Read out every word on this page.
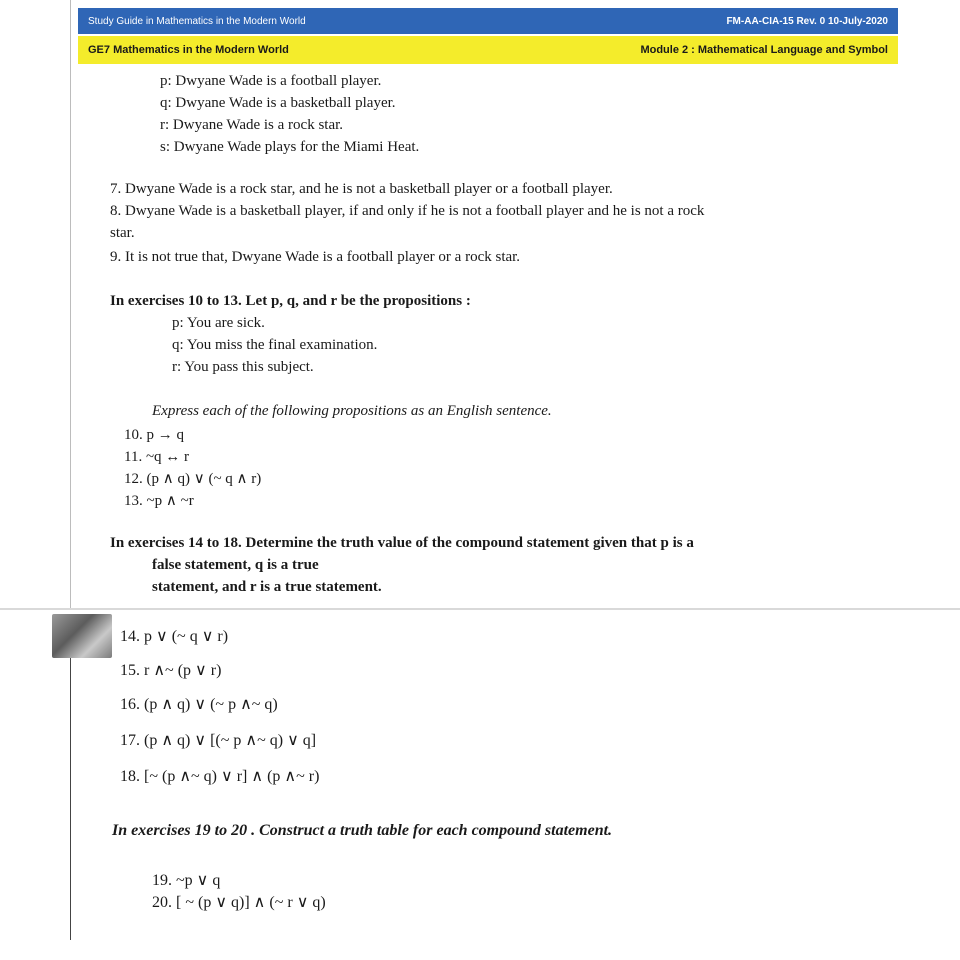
Study Guide in Mathematics in the Modern World	FM-AA-CIA-15 Rev. 0 10-July-2020
GE7 Mathematics in the Modern World	Module 2 : Mathematical Language and Symbol
p: Dwyane Wade is a football player.
q: Dwyane Wade is a basketball player.
r: Dwyane Wade is a rock star.
s: Dwyane Wade plays for the Miami Heat.
7. Dwyane Wade is a rock star, and he is not a basketball player or a football player.
8. Dwyane Wade is a basketball player, if and only if he is not a football player and he is not a rock
star.
9. It is not true that, Dwyane Wade is a football player or a rock star.
In exercises 10 to 13. Let p, q, and r be the propositions :
p: You are sick.
q: You miss the final examination.
r: You pass this subject.
Express each of the following propositions as an English sentence.
10. p → q
11. ~q ↔ r
12. (p ∧ q) ∨ (~ q ∧ r)
13. ~p ∧ ~r
In exercises 14 to 18. Determine the truth value of the compound statement given that p is a
false statement, q is a true
statement, and r is a true statement.
14. p ∨ (~ q ∨ r)
15. r ∧~ (p ∨ r)
16. (p ∧ q) ∨ (~ p ∧~ q)
17. (p ∧ q) ∨ [(~ p ∧~ q) ∨ q]
18. [~ (p ∧~ q) ∨ r] ∧ (p ∧~ r)
In exercises 19 to 20 . Construct a truth table for each compound statement.
19. ~p ∨ q
20. [ ~ (p ∨ q)] ∧ (~ r ∨ q)
